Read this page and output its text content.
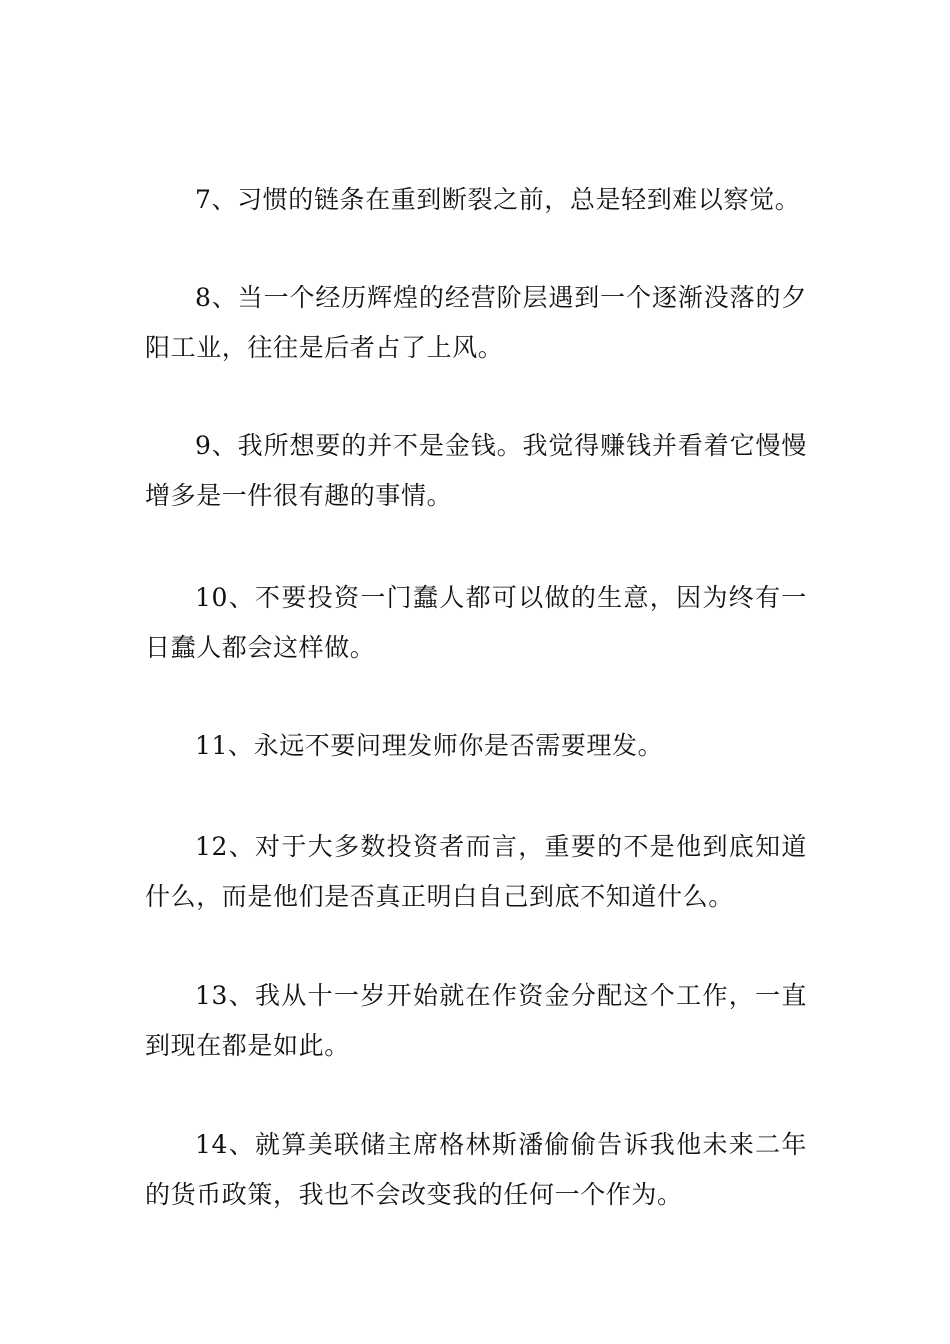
7、习惯的链条在重到断裂之前，总是轻到难以察觉。

8、当一个经历辉煌的经营阶层遇到一个逐渐没落的夕阳工业，往往是后者占了上风。

9、我所想要的并不是金钱。我觉得赚钱并看着它慢慢增多是一件很有趣的事情。

10、不要投资一门蠢人都可以做的生意，因为终有一日蠢人都会这样做。

11、永远不要问理发师你是否需要理发。

12、对于大多数投资者而言，重要的不是他到底知道什么，而是他们是否真正明白自己到底不知道什么。

13、我从十一岁开始就在作资金分配这个工作，一直到现在都是如此。

14、就算美联储主席格林斯潘偷偷告诉我他未来二年的货币政策，我也不会改变我的任何一个作为。
